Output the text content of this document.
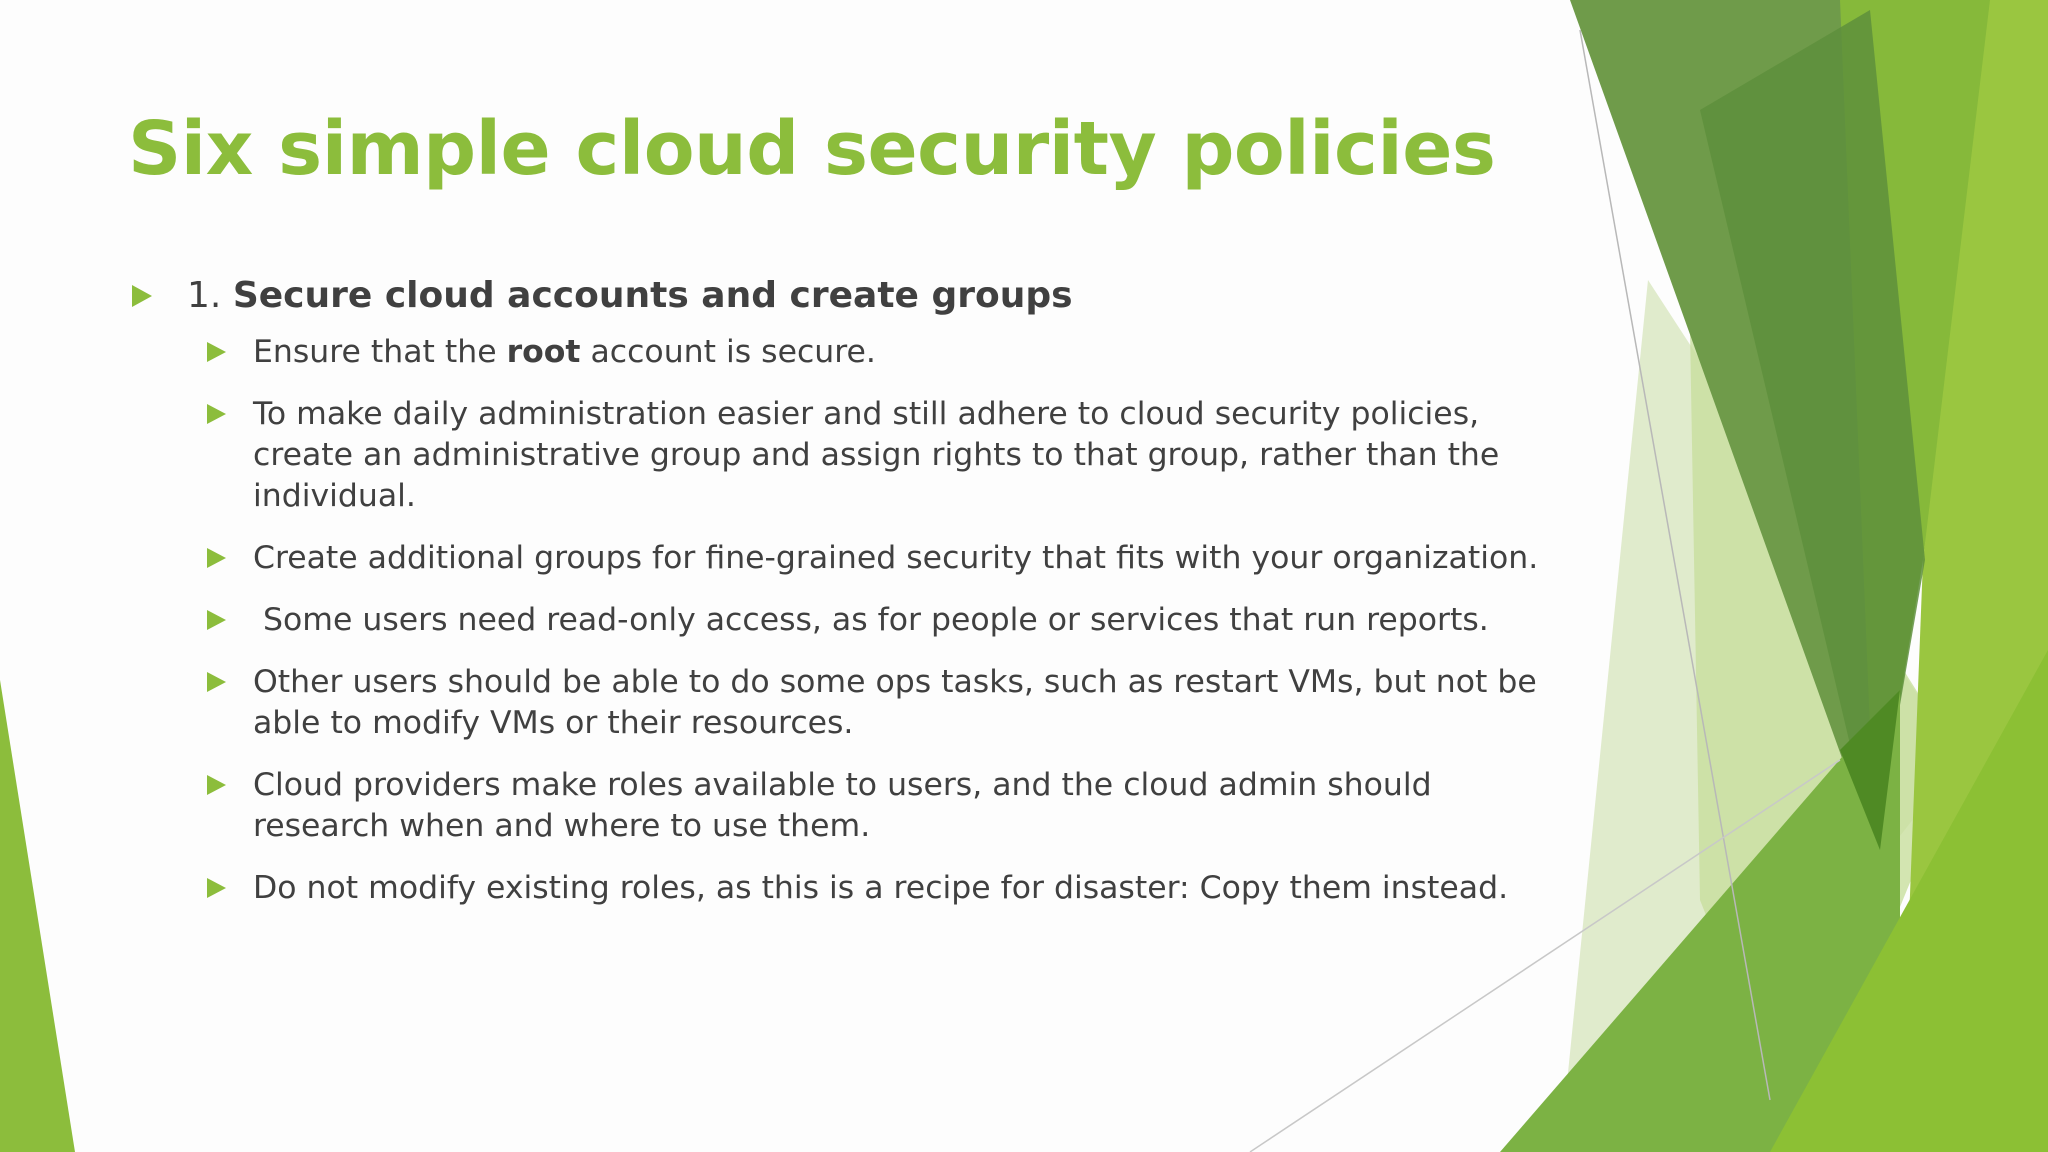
Six simple cloud security policies
1. Secure cloud accounts and create groups
Ensure that the root account is secure.
To make daily administration easier and still adhere to cloud security policies, create an administrative group and assign rights to that group, rather than the individual.
Create additional groups for fine-grained security that fits with your organization.
Some users need read-only access, as for people or services that run reports.
Other users should be able to do some ops tasks, such as restart VMs, but not be able to modify VMs or their resources.
Cloud providers make roles available to users, and the cloud admin should research when and where to use them.
Do not modify existing roles, as this is a recipe for disaster: Copy them instead.
